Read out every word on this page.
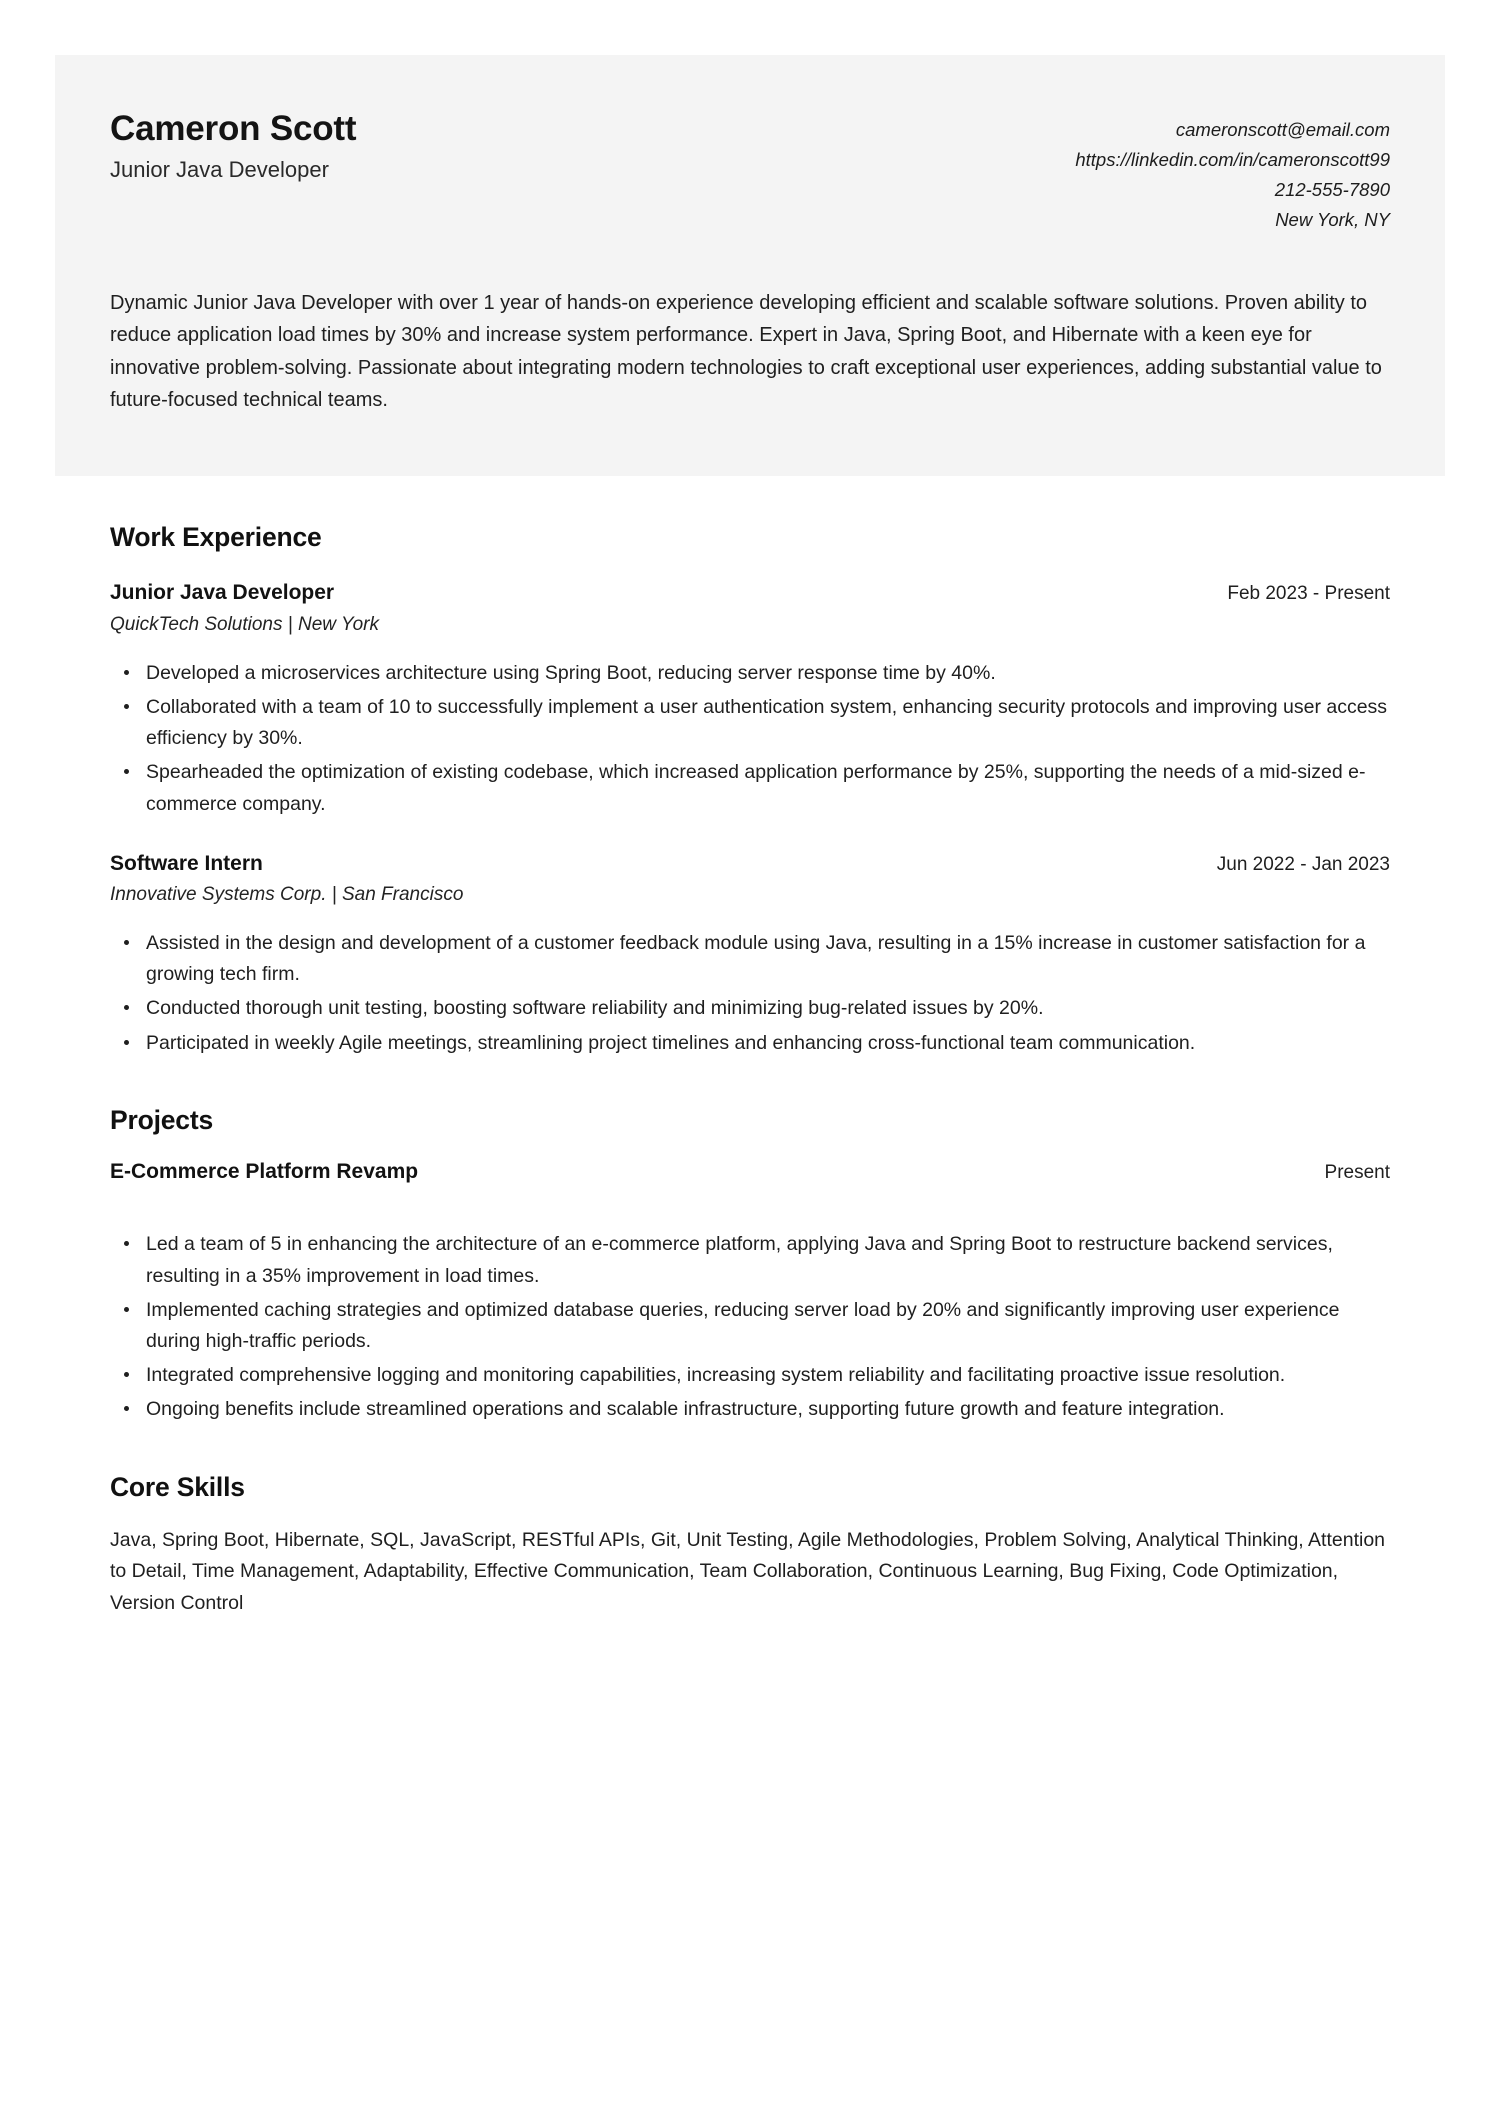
Cameron Scott
Junior Java Developer
cameronscott@email.com
https://linkedin.com/in/cameronscott99
212-555-7890
New York, NY
Dynamic Junior Java Developer with over 1 year of hands-on experience developing efficient and scalable software solutions. Proven ability to reduce application load times by 30% and increase system performance. Expert in Java, Spring Boot, and Hibernate with a keen eye for innovative problem-solving. Passionate about integrating modern technologies to craft exceptional user experiences, adding substantial value to future-focused technical teams.
Work Experience
Junior Java Developer	Feb 2023 - Present
QuickTech Solutions | New York
Developed a microservices architecture using Spring Boot, reducing server response time by 40%.
Collaborated with a team of 10 to successfully implement a user authentication system, enhancing security protocols and improving user access efficiency by 30%.
Spearheaded the optimization of existing codebase, which increased application performance by 25%, supporting the needs of a mid-sized e-commerce company.
Software Intern	Jun 2022 - Jan 2023
Innovative Systems Corp. | San Francisco
Assisted in the design and development of a customer feedback module using Java, resulting in a 15% increase in customer satisfaction for a growing tech firm.
Conducted thorough unit testing, boosting software reliability and minimizing bug-related issues by 20%.
Participated in weekly Agile meetings, streamlining project timelines and enhancing cross-functional team communication.
Projects
E-Commerce Platform Revamp	Present
Led a team of 5 in enhancing the architecture of an e-commerce platform, applying Java and Spring Boot to restructure backend services, resulting in a 35% improvement in load times.
Implemented caching strategies and optimized database queries, reducing server load by 20% and significantly improving user experience during high-traffic periods.
Integrated comprehensive logging and monitoring capabilities, increasing system reliability and facilitating proactive issue resolution.
Ongoing benefits include streamlined operations and scalable infrastructure, supporting future growth and feature integration.
Core Skills
Java, Spring Boot, Hibernate, SQL, JavaScript, RESTful APIs, Git, Unit Testing, Agile Methodologies, Problem Solving, Analytical Thinking, Attention to Detail, Time Management, Adaptability, Effective Communication, Team Collaboration, Continuous Learning, Bug Fixing, Code Optimization, Version Control
